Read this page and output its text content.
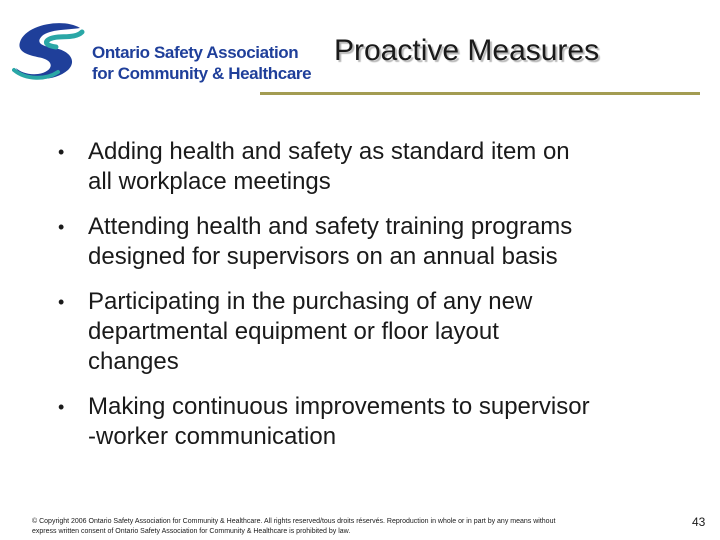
Ontario Safety Association
for Community & Healthcare
Proactive Measures
• Adding health and safety as standard item on
all workplace meetings
• Attending health and safety training programs
designed for supervisors on an annual basis
• Participating in the purchasing of any new
departmental equipment or floor layout
changes
• Making continuous improvements to supervisor
-worker communication
© Copyright 2006 Ontario Safety Association for Community & Healthcare. All rights reserved/tous droits réservés. Reproduction in whole or in part by any means without
express written consent of Ontario Safety Association for Community & Healthcare is prohibited by law.
43
